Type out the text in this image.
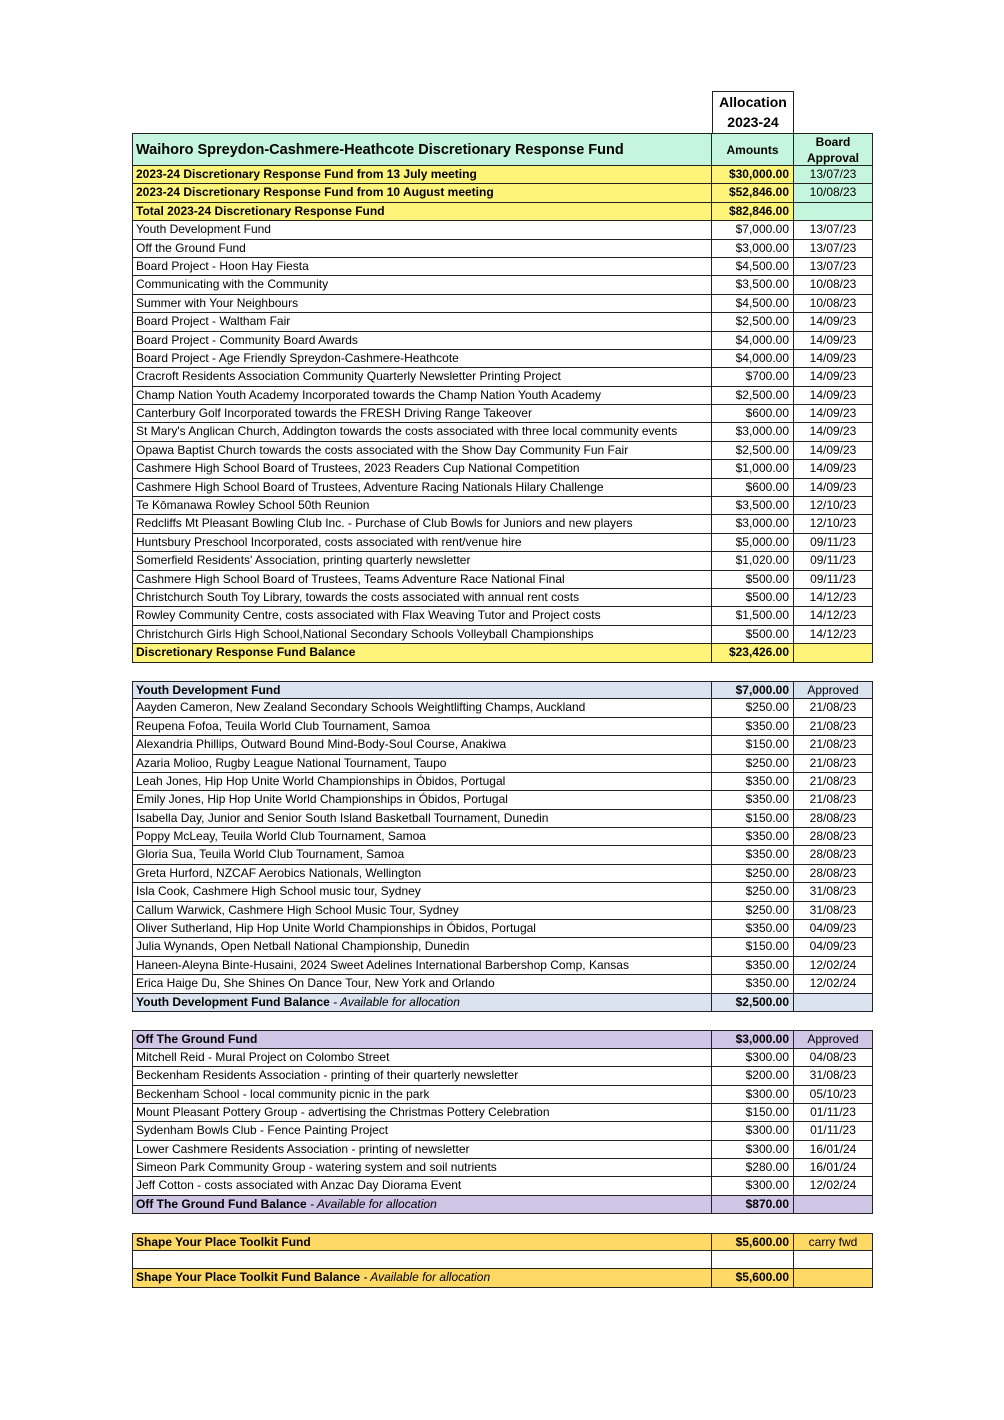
Allocation
2023-24
Waihoro Spreydon-Cashmere-Heathcote Discretionary Response Fund	Amounts
Board
Approval
2023-24 Discretionary Response Fund from 13 July meeting	$30,000.00	13/07/23
2023-24 Discretionary Response Fund from 10 August meeting	$52,846.00	10/08/23
Total 2023-24 Discretionary Response Fund	$82,846.00
Youth Development Fund	$7,000.00	13/07/23
Off the Ground Fund	$3,000.00	13/07/23
Board Project - Hoon Hay Fiesta	$4,500.00	13/07/23
Communicating with the Community	$3,500.00	10/08/23
Summer with Your Neighbours	$4,500.00	10/08/23
Board Project - Waltham Fair	$2,500.00	14/09/23
Board Project - Community Board Awards	$4,000.00	14/09/23
Board Project - Age Friendly Spreydon-Cashmere-Heathcote	$4,000.00	14/09/23
Cracroft Residents Association Community Quarterly Newsletter Printing Project	$700.00	14/09/23
Champ Nation Youth Academy Incorporated towards the Champ Nation Youth Academy	$2,500.00	14/09/23
Canterbury Golf Incorporated towards the FRESH Driving Range Takeover	$600.00	14/09/23
St Mary's Anglican Church, Addington towards the costs associated with three local community events	$3,000.00	14/09/23
Opawa Baptist Church towards the costs associated with the Show Day Community Fun Fair	$2,500.00	14/09/23
Cashmere High School Board of Trustees, 2023 Readers Cup National Competition	$1,000.00	14/09/23
Cashmere High School Board of Trustees, Adventure Racing Nationals Hilary Challenge	$600.00	14/09/23
Te Kōmanawa Rowley School 50th Reunion	$3,500.00	12/10/23
Redcliffs Mt Pleasant Bowling Club Inc. - Purchase of Club Bowls for Juniors and new players	$3,000.00	12/10/23
Huntsbury Preschool Incorporated, costs associated with rent/venue hire	$5,000.00	09/11/23
Somerfield Residents' Association, printing quarterly newsletter	$1,020.00	09/11/23
Cashmere High School Board of Trustees, Teams Adventure Race National Final	$500.00	09/11/23
Christchurch South Toy Library, towards the costs associated with annual rent costs	$500.00	14/12/23
Rowley Community Centre, costs associated with Flax Weaving Tutor and Project costs	$1,500.00	14/12/23
Christchurch Girls High School,National Secondary Schools Volleyball Championships	$500.00	14/12/23
Discretionary Response Fund Balance	$23,426.00
Youth Development Fund	$7,000.00	Approved
Aayden Cameron, New Zealand Secondary Schools Weightlifting Champs, Auckland	$250.00	21/08/23
Reupena Fofoa, Teuila World Club Tournament, Samoa	$350.00	21/08/23
Alexandria Phillips, Outward Bound Mind-Body-Soul Course, Anakiwa	$150.00	21/08/23
Azaria Molioo, Rugby League National Tournament, Taupo	$250.00	21/08/23
Leah Jones, Hip Hop Unite World Championships in Óbidos, Portugal	$350.00	21/08/23
Emily Jones, Hip Hop Unite World Championships in Óbidos, Portugal	$350.00	21/08/23
Isabella Day, Junior and Senior South Island Basketball Tournament, Dunedin	$150.00	28/08/23
Poppy McLeay, Teuila World Club Tournament, Samoa	$350.00	28/08/23
Gloria Sua, Teuila World Club Tournament, Samoa	$350.00	28/08/23
Greta Hurford, NZCAF Aerobics Nationals, Wellington	$250.00	28/08/23
Isla Cook, Cashmere High School music tour, Sydney	$250.00	31/08/23
Callum Warwick, Cashmere High School Music Tour, Sydney	$250.00	31/08/23
Oliver Sutherland, Hip Hop Unite World Championships in Óbidos, Portugal	$350.00	04/09/23
Julia Wynands, Open Netball National Championship, Dunedin	$150.00	04/09/23
Haneen-Aleyna Binte-Husaini, 2024 Sweet Adelines International Barbershop Comp, Kansas	$350.00	12/02/24
Erica Haige Du, She Shines On Dance Tour, New York and Orlando	$350.00	12/02/24
Youth Development Fund Balance - Available for allocation	$2,500.00
Off The Ground Fund	$3,000.00	Approved
Mitchell Reid - Mural Project on Colombo Street	$300.00	04/08/23
Beckenham Residents Association - printing of their quarterly newsletter	$200.00	31/08/23
Beckenham School - local community picnic in the park	$300.00	05/10/23
Mount Pleasant Pottery Group - advertising the Christmas Pottery Celebration	$150.00	01/11/23
Sydenham Bowls Club - Fence Painting Project	$300.00	01/11/23
Lower Cashmere Residents Association - printing of newsletter	$300.00	16/01/24
Simeon Park Community Group - watering system and soil nutrients	$280.00	16/01/24
Jeff Cotton - costs associated with Anzac Day Diorama Event	$300.00	12/02/24
Off The Ground Fund Balance - Available for allocation	$870.00
Shape Your Place Toolkit Fund	$5,600.00	carry fwd
Shape Your Place Toolkit Fund Balance - Available for allocation	$5,600.00
